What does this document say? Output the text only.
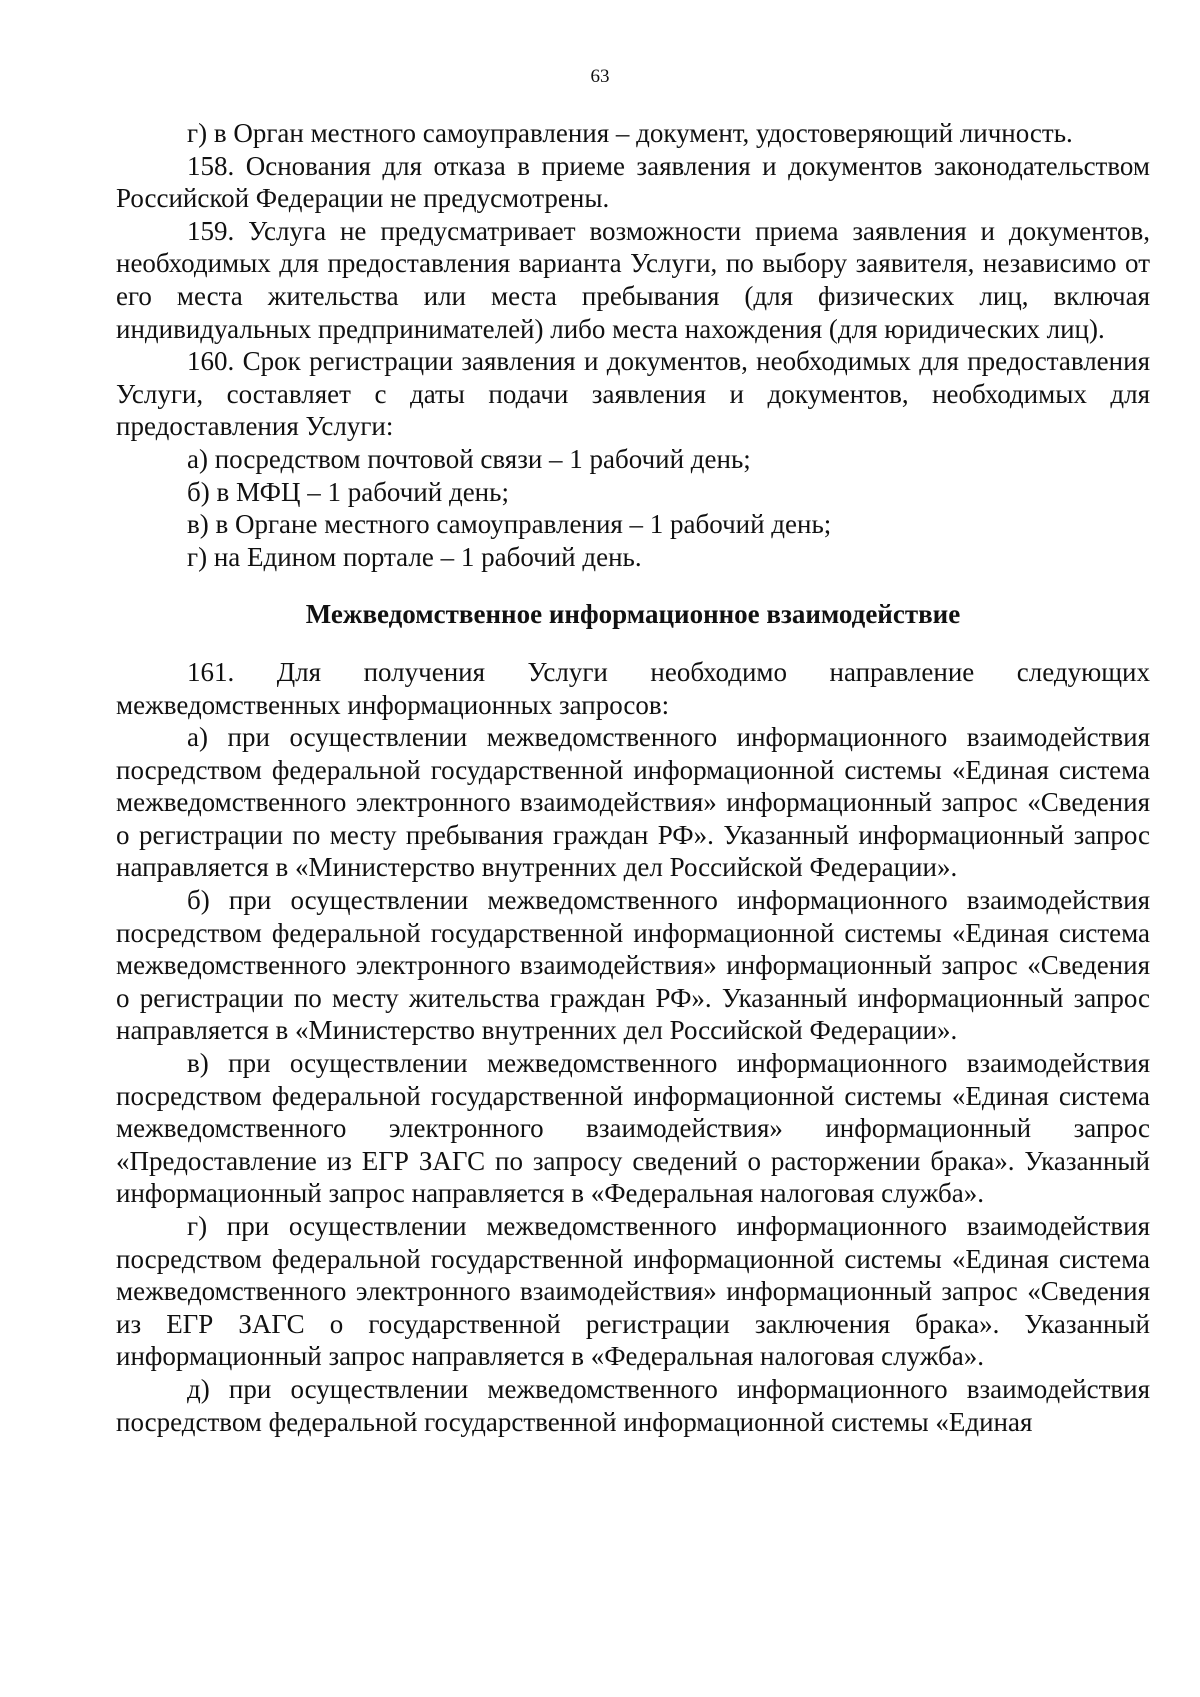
63

г) в Орган местного самоуправления – документ, удостоверяющий личность.

158. Основания для отказа в приеме заявления и документов законодательством Российской Федерации не предусмотрены.

159. Услуга не предусматривает возможности приема заявления и документов, необходимых для предоставления варианта Услуги, по выбору заявителя, независимо от его места жительства или места пребывания (для физических лиц, включая индивидуальных предпринимателей) либо места нахождения (для юридических лиц).

160. Срок регистрации заявления и документов, необходимых для предоставления Услуги, составляет с даты подачи заявления и документов, необходимых для предоставления Услуги:

а) посредством почтовой связи – 1 рабочий день;

б) в МФЦ – 1 рабочий день;

в) в Органе местного самоуправления – 1 рабочий день;

г) на Едином портале – 1 рабочий день.

Межведомственное информационное взаимодействие

161. Для получения Услуги необходимо направление следующих межведомственных информационных запросов:

а) при осуществлении межведомственного информационного взаимодействия посредством федеральной государственной информационной системы «Единая система межведомственного электронного взаимодействия» информационный запрос «Сведения о регистрации по месту пребывания граждан РФ». Указанный информационный запрос направляется в «Министерство внутренних дел Российской Федерации».

б) при осуществлении межведомственного информационного взаимодействия посредством федеральной государственной информационной системы «Единая система межведомственного электронного взаимодействия» информационный запрос «Сведения о регистрации по месту жительства граждан РФ». Указанный информационный запрос направляется в «Министерство внутренних дел Российской Федерации».

в) при осуществлении межведомственного информационного взаимодействия посредством федеральной государственной информационной системы «Единая система межведомственного электронного взаимодействия» информационный запрос «Предоставление из ЕГР ЗАГС по запросу сведений о расторжении брака». Указанный информационный запрос направляется в «Федеральная налоговая служба».

г) при осуществлении межведомственного информационного взаимодействия посредством федеральной государственной информационной системы «Единая система межведомственного электронного взаимодействия» информационный запрос «Сведения из ЕГР ЗАГС о государственной регистрации заключения брака». Указанный информационный запрос направляется в «Федеральная налоговая служба».

д) при осуществлении межведомственного информационного взаимодействия посредством федеральной государственной информационной системы «Единая
